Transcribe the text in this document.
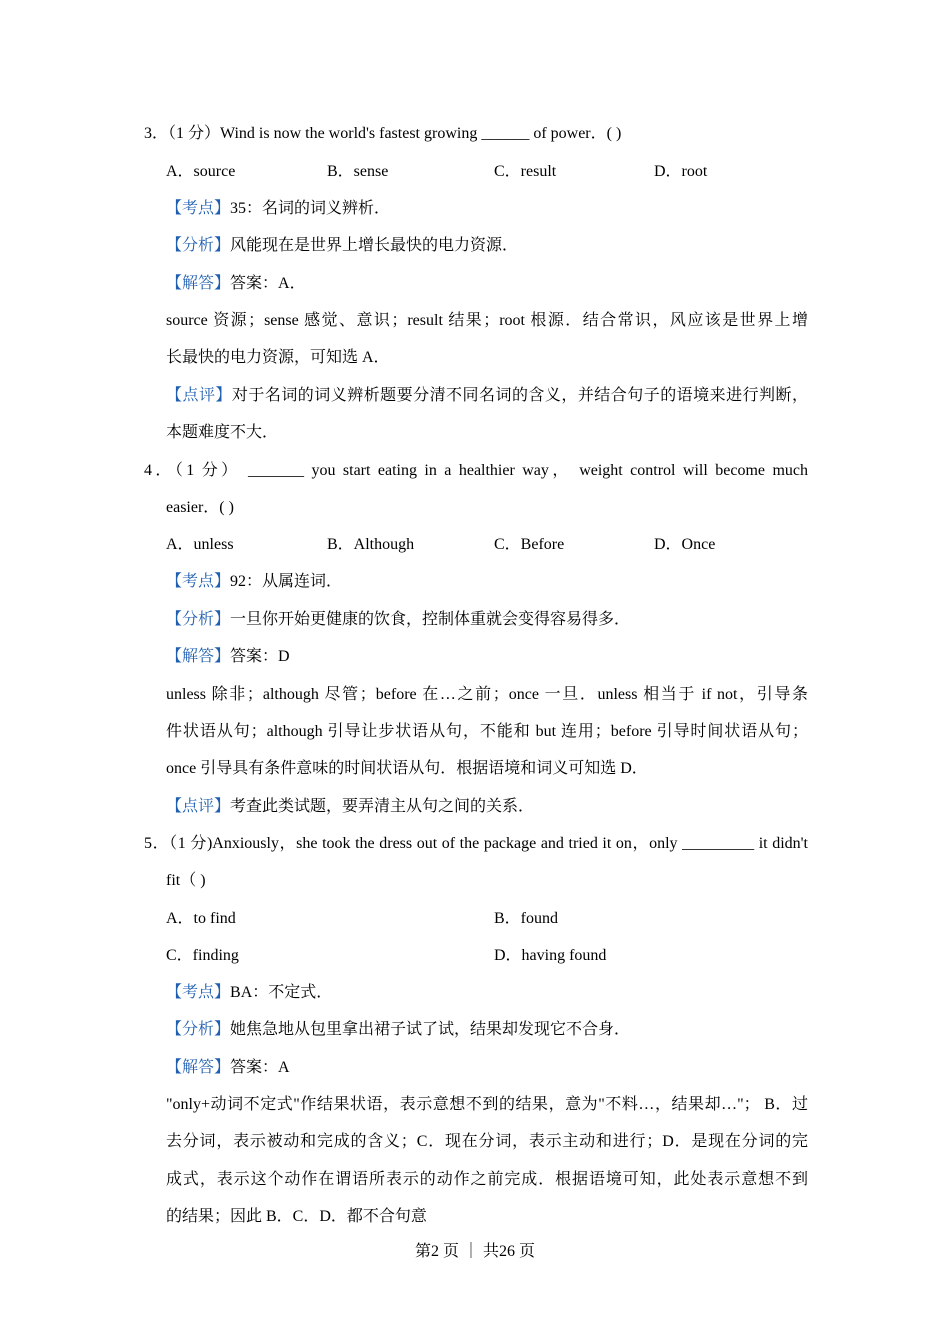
3．（1 分）Wind is now the world's fastest growing ______ of power．( )
A．source	B．sense	C．result	D．root
【考点】35：名词的词义辨析．
【分析】风能现在是世界上增长最快的电力资源．
【解答】答案：A．
source 资源；sense 感觉、意识；result 结果；root 根源．结合常识，风应该是世界上增
长最快的电力资源，可知选 A．
【点评】对于名词的词义辨析题要分清不同名词的含义，并结合句子的语境来进行判断，
本题难度不大．
4．（1 分） _______ you start eating in a healthier way， weight control will become much
easier．( )
A．unless	B．Although	C．Before	D．Once
【考点】92：从属连词．
【分析】一旦你开始更健康的饮食，控制体重就会变得容易得多．
【解答】答案：D
unless 除非；although 尽管；before 在…之前；once 一旦．unless 相当于 if not，引导条
件状语从句；although 引导让步状语从句，不能和 but 连用；before 引导时间状语从句；
once 引导具有条件意味的时间状语从句．根据语境和词义可知选 D．
【点评】考查此类试题，要弄清主从句之间的关系．
5．（1 分)Anxiously，she took the dress out of the package and tried it on，only _________ it didn't
fit（ )
A．to find	B．found
C．finding	D．having found
【考点】BA：不定式．
【分析】她焦急地从包里拿出裙子试了试，结果却发现它不合身．
【解答】答案：A
"only+动词不定式"作结果状语，表示意想不到的结果，意为"不料…，结果却…"； B．过
去分词，表示被动和完成的含义；C．现在分词，表示主动和进行；D．是现在分词的完
成式，表示这个动作在谓语所表示的动作之前完成．根据语境可知，此处表示意想不到
的结果；因此 B．C．D．都不合句意
第2 页 ｜ 共26 页
